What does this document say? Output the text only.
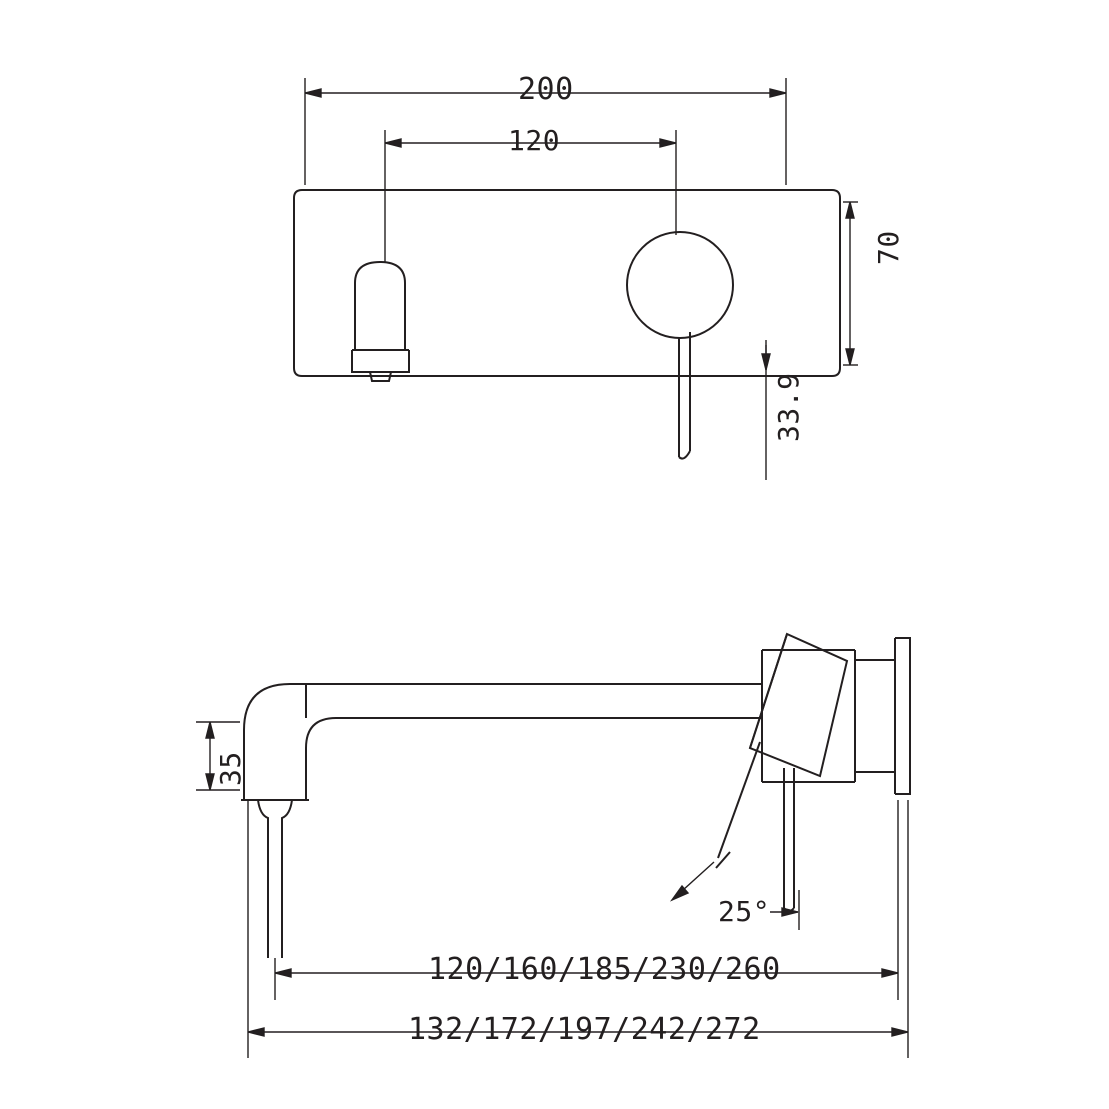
200
120
70
33.9
35
25°
120/160/185/230/260
132/172/197/242/272
